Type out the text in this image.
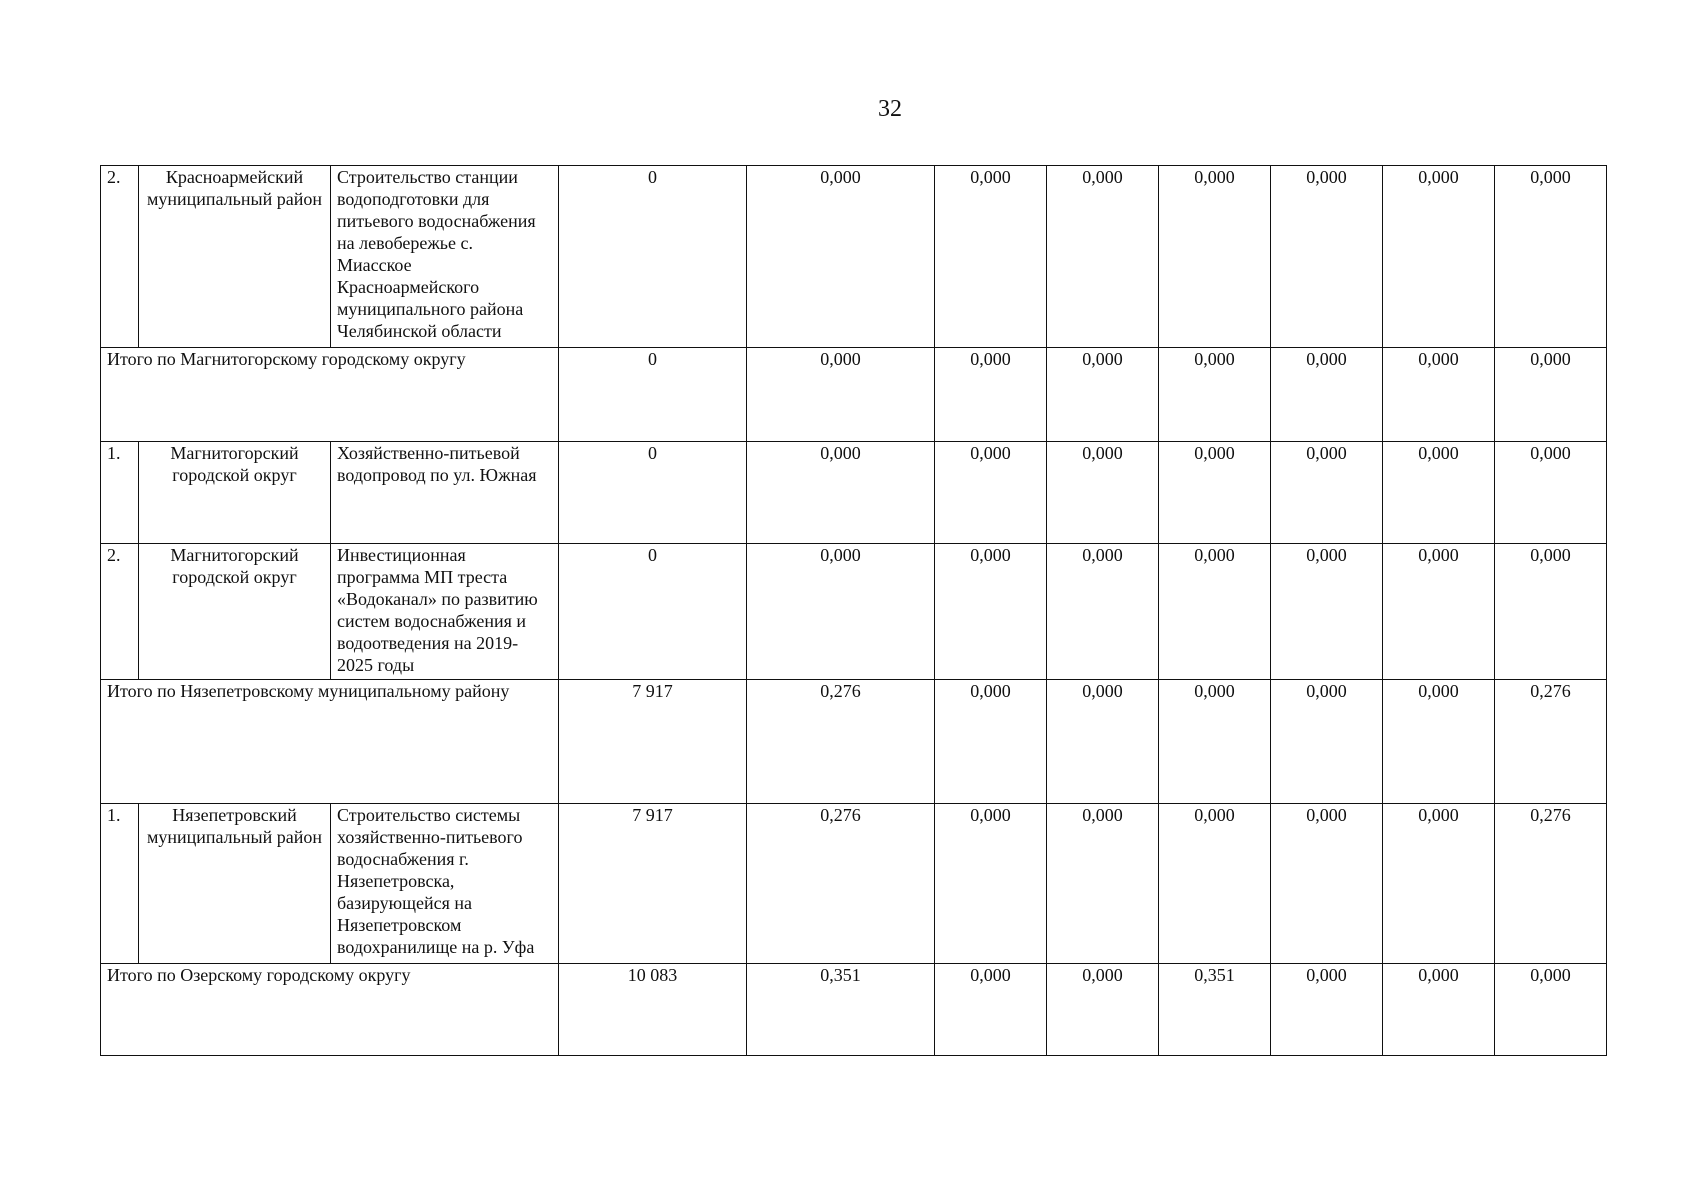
32
2.	Красноармейский муниципальный район	Строительство станции водоподготовки для питьевого водоснабжения на левобережье с. Миасское Красноармейского муниципального района Челябинской области	0	0,000	0,000	0,000	0,000	0,000	0,000	0,000

Итого по Магнитогорскому городскому округу			0	0,000	0,000	0,000	0,000	0,000	0,000	0,000
1.	Магнитогорский городской округ	Хозяйственно-питьевой водопровод по ул. Южная	0	0,000	0,000	0,000	0,000	0,000	0,000	0,000
2.	Магнитогорский городской округ	Инвестиционная программа МП треста «Водоканал» по развитию систем водоснабжения и водоотведения на 2019-2025 годы	0	0,000	0,000	0,000	0,000	0,000	0,000	0,000

Итого по Нязепетровскому муниципальному району			7 917	0,276	0,000	0,000	0,000	0,000	0,000	0,276
1.	Нязепетровский муниципальный район	Строительство системы хозяйственно-питьевого водоснабжения г. Нязепетровска, базирующейся на Нязепетровском водохранилище на р. Уфа	7 917	0,276	0,000	0,000	0,000	0,000	0,000	0,276

Итого по Озерскому городскому округу			10 083	0,351	0,000	0,000	0,351	0,000	0,000	0,000
